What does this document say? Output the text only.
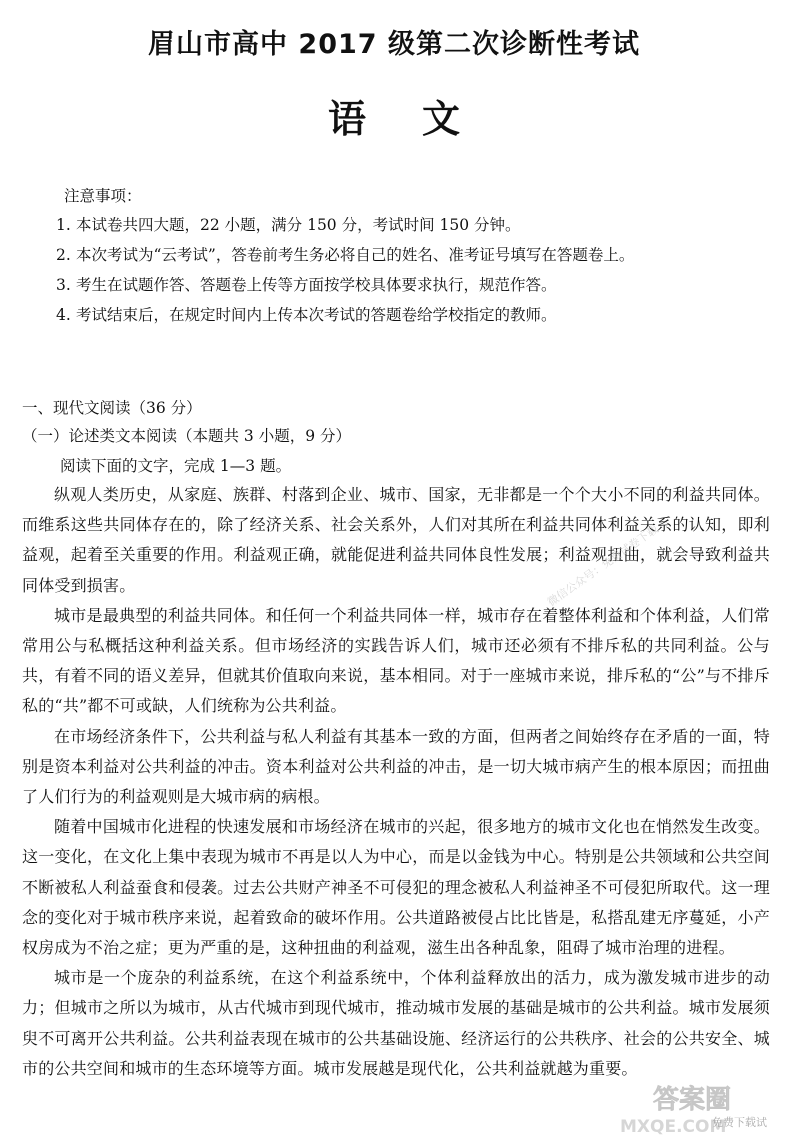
眉山市高中 2017 级第二次诊断性考试
语文
注意事项：
1. 本试卷共四大题，22 小题，满分 150 分，考试时间 150 分钟。
2. 本次考试为“云考试”，答卷前考生务必将自己的姓名、准考证号填写在答题卷上。
3. 考生在试题作答、答题卷上传等方面按学校具体要求执行，规范作答。
4. 考试结束后，在规定时间内上传本次考试的答题卷给学校指定的教师。
一、现代文阅读（36 分）
（一）论述类文本阅读（本题共 3 小题，9 分）
阅读下面的文字，完成 1—3 题。

纵观人类历史，从家庭、族群、村落到企业、城市、国家，无非都是一个个大小不同的利益共同体。而维系这些共同体存在的，除了经济关系、社会关系外，人们对其所在利益共同体利益关系的认知，即利益观，起着至关重要的作用。利益观正确，就能促进利益共同体良性发展；利益观扭曲，就会导致利益共同体受到损害。

城市是最典型的利益共同体。和任何一个利益共同体一样，城市存在着整体利益和个体利益，人们常常用公与私概括这种利益关系。但市场经济的实践告诉人们，城市还必须有不排斥私的共同利益。公与共，有着不同的语义差异，但就其价值取向来说，基本相同。对于一座城市来说，排斥私的“公”与不排斥私的“共”都不可或缺，人们统称为公共利益。

在市场经济条件下，公共利益与私人利益有其基本一致的方面，但两者之间始终存在矛盾的一面，特别是资本利益对公共利益的冲击。资本利益对公共利益的冲击，是一切大城市病产生的根本原因；而扭曲了人们行为的利益观则是大城市病的病根。

随着中国城市化进程的快速发展和市场经济在城市的兴起，很多地方的城市文化也在悄然发生改变。这一变化，在文化上集中表现为城市不再是以人为中心，而是以金钱为中心。特别是公共领域和公共空间不断被私人利益蚕食和侵袭。过去公共财产神圣不可侵犯的理念被私人利益神圣不可侵犯所取代。这一理念的变化对于城市秩序来说，起着致命的破坏作用。公共道路被侵占比比皆是，私搭乱建无序蔓延，小产权房成为不治之症；更为严重的是，这种扭曲的利益观，滋生出各种乱象，阻碍了城市治理的进程。

城市是一个庞杂的利益系统，在这个利益系统中，个体利益释放出的活力，成为激发城市进步的动力；但城市之所以为城市，从古代城市到现代城市，推动城市发展的基础是城市的公共利益。城市发展须臾不可离开公共利益。公共利益表现在城市的公共基础设施、经济运行的公共秩序、社会的公共安全、城市的公共空间和城市的生态环境等方面。城市发展越是现代化，公共利益就越为重要。

微信公众号：免费试卷下载
答案圈
MXQE.COM
免费下载试
